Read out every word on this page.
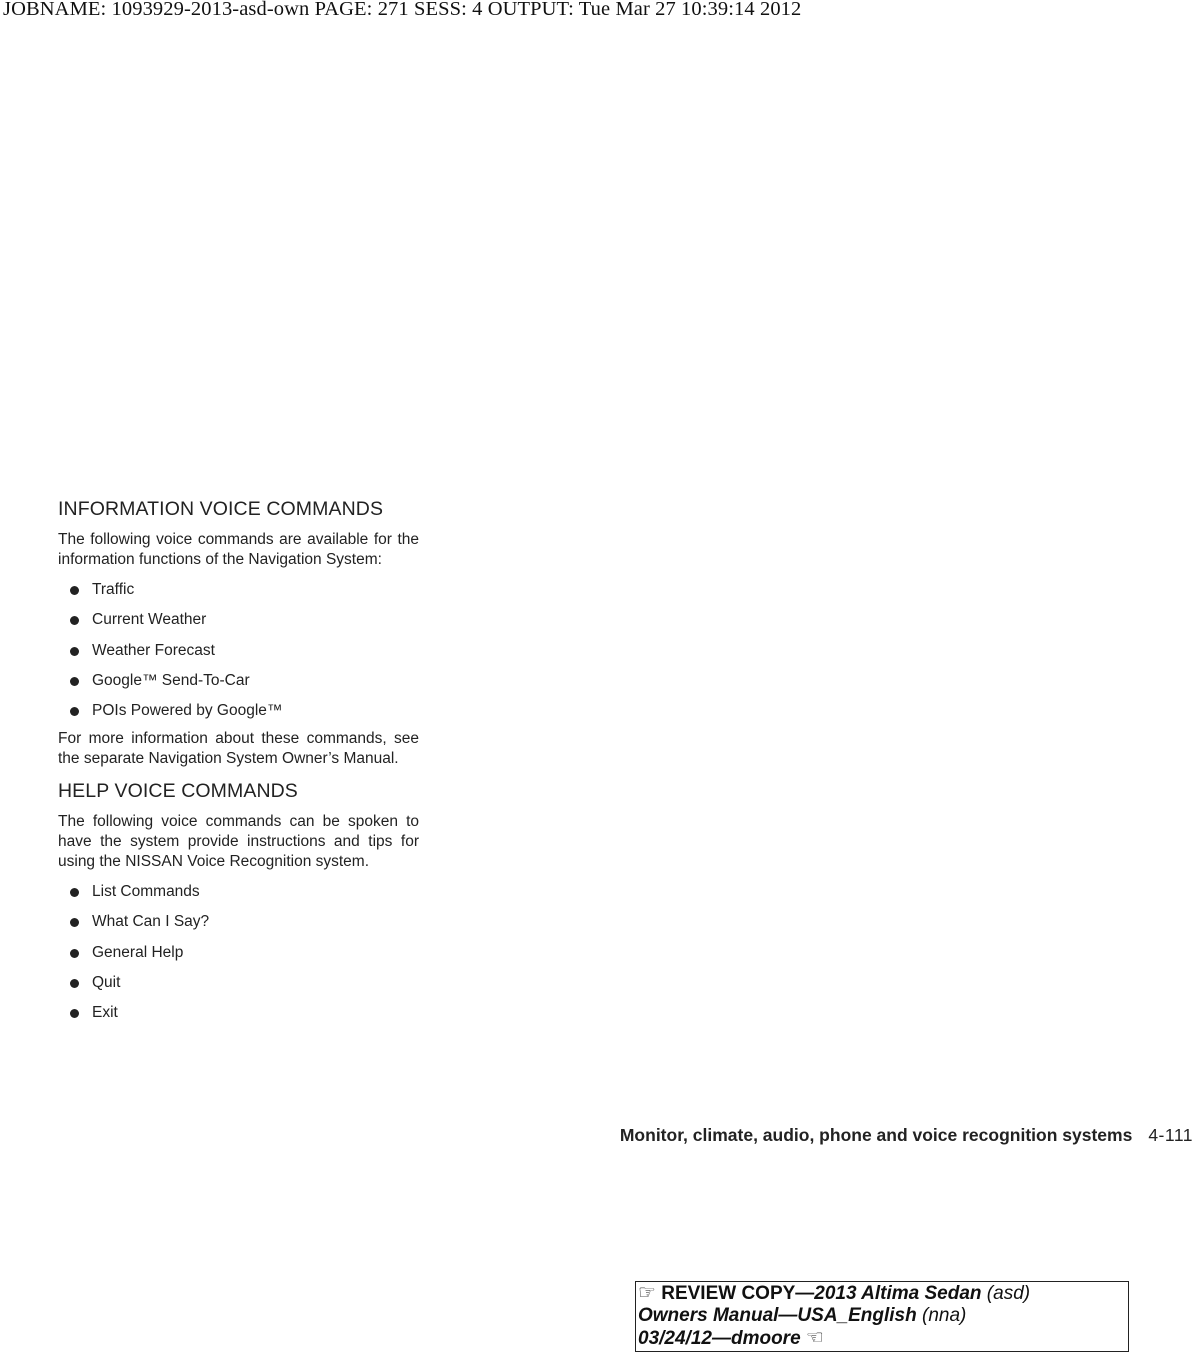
JOBNAME: 1093929-2013-asd-own PAGE: 271 SESS: 4 OUTPUT: Tue Mar 27 10:39:14 2012
INFORMATION VOICE COMMANDS

The following voice commands are available for the information functions of the Navigation System:

Traffic
Current Weather
Weather Forecast
Google™ Send-To-Car
POIs Powered by Google™

For more information about these commands, see the separate Navigation System Owner’s Manual.

HELP VOICE COMMANDS

The following voice commands can be spoken to have the system provide instructions and tips for using the NISSAN Voice Recognition system.

List Commands
What Can I Say?
General Help
Quit
Exit
Monitor, climate, audio, phone and voice recognition systems 4-111
☞ REVIEW COPY—2013 Altima Sedan (asd)
Owners Manual—USA_English (nna)
03/24/12—dmoore ☜
